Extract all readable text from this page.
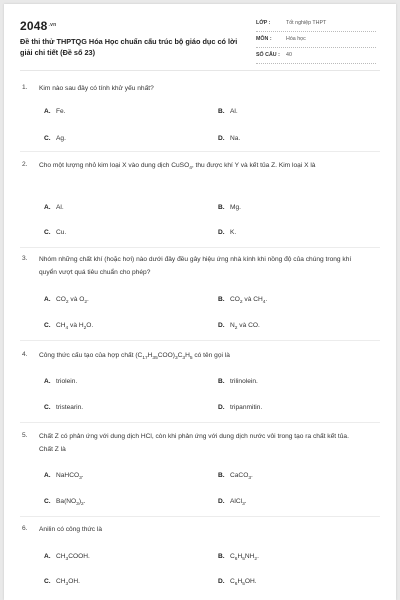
$2048^{.vn}$
Đề thi thử THPTQG Hóa Học chuẩn cấu trúc bộ giáo dục có lời giải chi tiết (Đề số 23)
LỚP :	Tốt nghiệp THPT
MÔN :	Hóa học
SỐ CÂU : 40
1. Kim nào sau đây có tính khử yếu nhất?
A. Fe.	B. Al.
C. Ag.	D. Na.
2. Cho một lượng nhỏ kim loại X vào dung dịch CuSO$_4$, thu được khí Y và kết tủa Z. Kim loại X là
A. Al.	B. Mg.
C. Cu.	D. K.
3. Nhóm những chất khí (hoặc hơi) nào dưới đây đều gây hiệu ứng nhà kính khi nồng độ của chúng trong khí quyển vượt quá tiêu chuẩn cho phép?
A. $CO_2$ và $O_2$.	B. $CO_2$ và $CH_4$.
C. $CH_4$ và $H_2O$.	D. $N_2$ và CO.
4. Công thức cấu tạo của hợp chất $(C_{17}H_{35}COO)_3C_3H_5$ có tên gọi là
A. triolein.	B. trilinolein.
C. tristearin.	D. tripanmitin.
5. Chất Z có phản ứng với dung dịch HCl, còn khi phản ứng với dung dịch nước vôi trong tạo ra chất kết tủa. Chất Z là
A. NaHCO$_3$.	B. CaCO$_3$.
C. $Ba(NO_3)_2$.	D. AlCl$_3$.
6. Anilin có công thức là
A. $CH_3COOH$.	B. $C_6H_5NH_2$.
C. $CH_3OH$.	D. $C_6H_5OH$.
